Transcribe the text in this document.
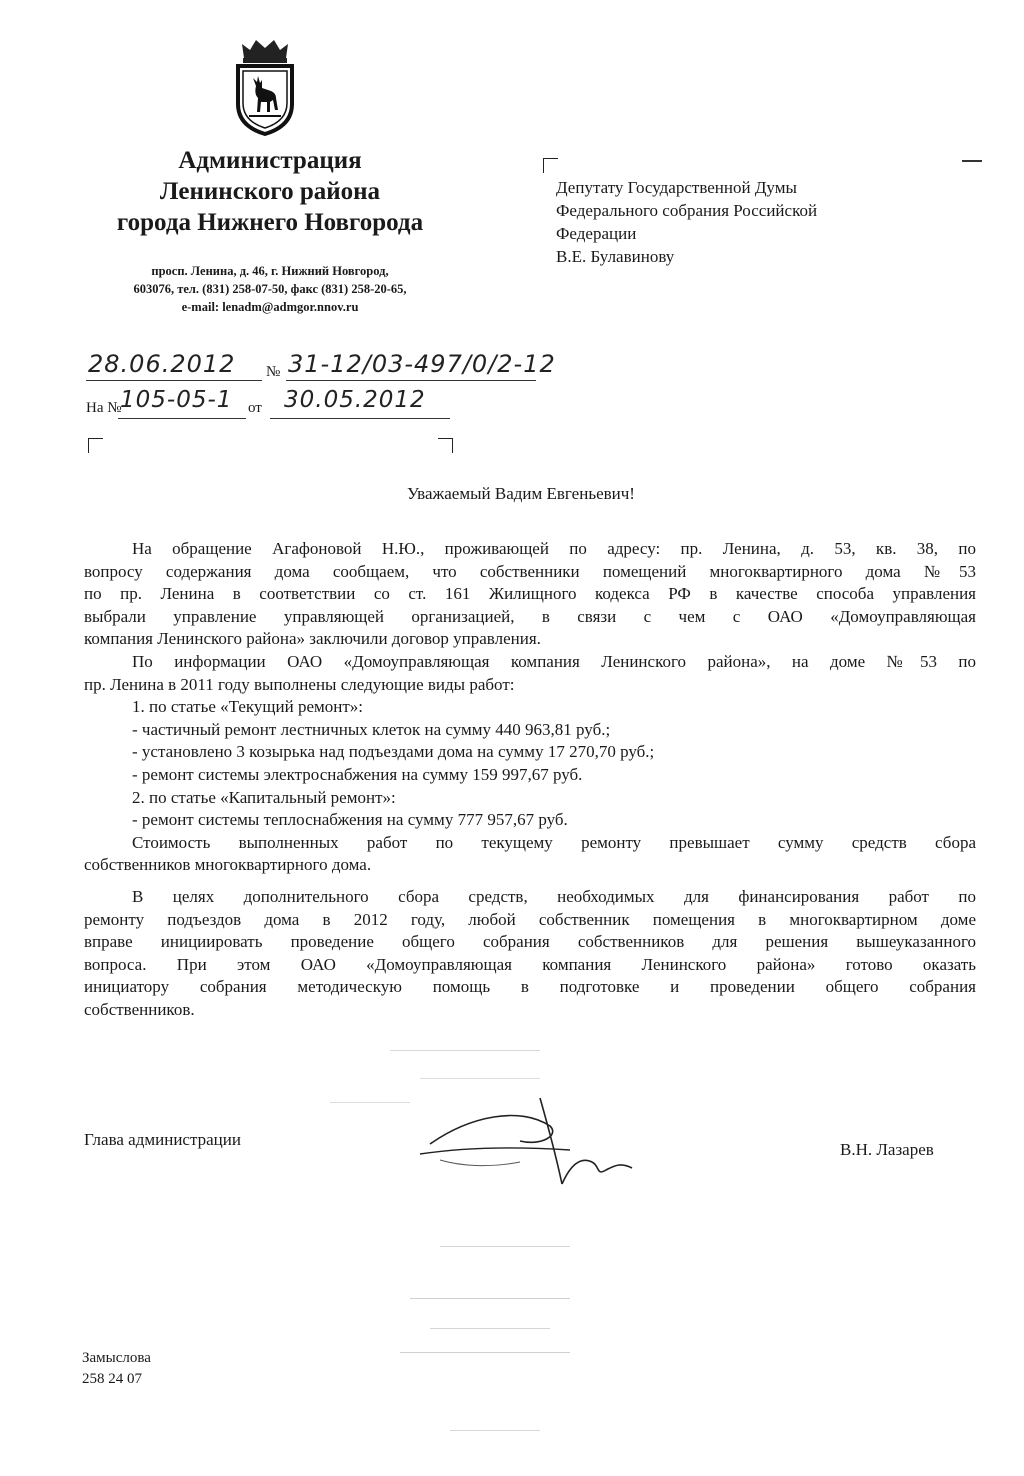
Администрация
Ленинского района
города Нижнего Новгорода
просп. Ленина, д. 46, г. Нижний Новгород,
603076, тел. (831) 258-07-50, факс (831) 258-20-65,
e-mail: lenadm@admgor.nnov.ru
Депутату Государственной Думы
Федерального собрания Российской
Федерации
В.Е. Булавинову
28.06.2012 № 31-12/03-497/0/2-12
На №
105-05-1 от 30.05.2012
Уважаемый Вадим Евгеньевич!

На обращение Агафоновой Н.Ю., проживающей по адресу: пр. Ленина, д. 53, кв. 38, по

вопросу содержания дома сообщаем, что собственники помещений многоквартирного дома №53

по пр. Ленина в соответствии со ст. 161 Жилищного кодекса РФ в качестве способа управления

выбрали управление управляющей организацией, в связи с чем с ОАО «Домоуправляющая

компания Ленинского района» заключили договор управления.

По информации ОАО «Домоуправляющая компания Ленинского района», на доме №53 по

пр. Ленина в 2011 году выполнены следующие виды работ:

1. по статье «Текущий ремонт»:

- частичный ремонт лестничных клеток на сумму 440 963,81 руб.;

- установлено 3 козырька над подъездами дома на сумму 17 270,70 руб.;

- ремонт системы электроснабжения на сумму 159 997,67 руб.

2. по статье «Капитальный ремонт»:

- ремонт системы теплоснабжения на сумму 777 957,67 руб.

Стоимость выполненных работ по текущему ремонту превышает сумму средств сбора

собственников многоквартирного дома.

В целях дополнительного сбора средств, необходимых для финансирования работ по

ремонту подъездов дома в 2012 году, любой собственник помещения в многоквартирном доме

вправе инициировать проведение общего собрания собственников для решения вышеуказанного

вопроса. При этом ОАО «Домоуправляющая компания Ленинского района» готово оказать

инициатору собрания методическую помощь в подготовке и проведении общего собрания

собственников.

Глава администрации
В.Н. Лазарев
Замыслова
258 24 07
